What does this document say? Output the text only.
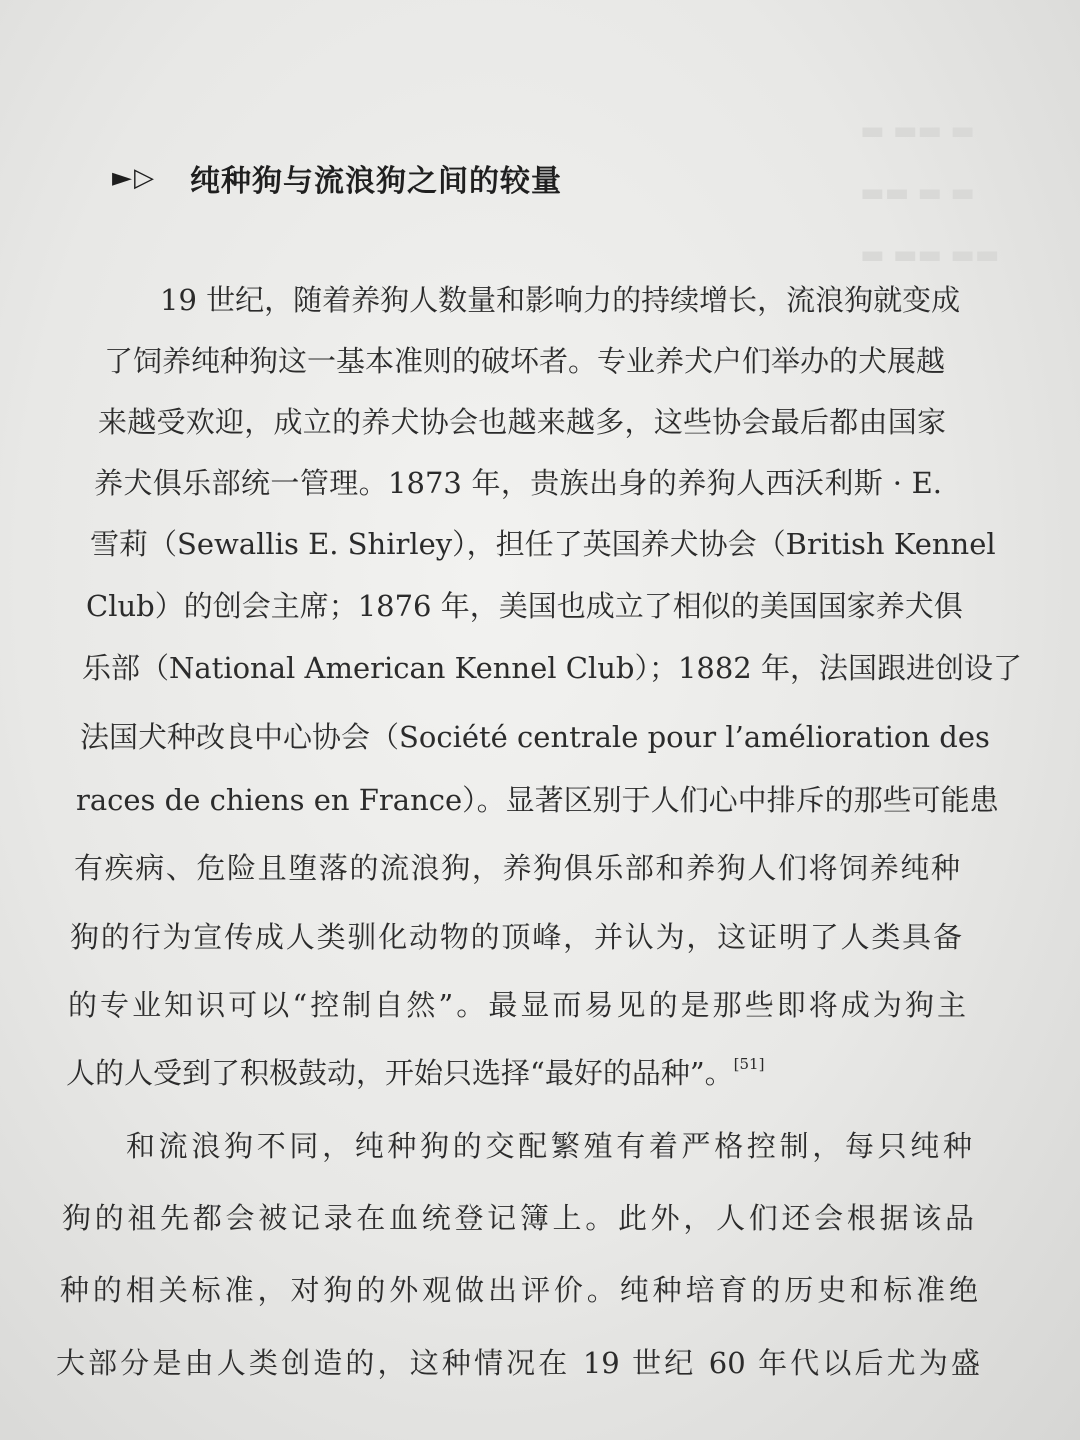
▬ ▬▬ ▬
▬▬ ▬ ▬
▬ ▬▬ ▬▬
► ▷ 纯种狗与流浪狗之间的较量
19 世纪，随着养狗人数量和影响力的持续增长，流浪狗就变成
了饲养纯种狗这一基本准则的破坏者。专业养犬户们举办的犬展越
来越受欢迎，成立的养犬协会也越来越多，这些协会最后都由国家
养犬俱乐部统一管理。1873 年，贵族出身的养狗人西沃利斯 · E.
雪莉（Sewallis E. Shirley），担任了英国养犬协会（British Kennel
Club）的创会主席；1876 年，美国也成立了相似的美国国家养犬俱
乐部（National American Kennel Club）；1882 年，法国跟进创设了
法国犬种改良中心协会（Société centrale pour l’amélioration des
races de chiens en France）。显著区别于人们心中排斥的那些可能患
有疾病、危险且堕落的流浪狗，养狗俱乐部和养狗人们将饲养纯种
狗的行为宣传成人类驯化动物的顶峰，并认为，这证明了人类具备
的专业知识可以“控制自然”。最显而易见的是那些即将成为狗主
人的人受到了积极鼓动，开始只选择“最好的品种”。[51]
和流浪狗不同，纯种狗的交配繁殖有着严格控制，每只纯种
狗的祖先都会被记录在血统登记簿上。此外，人们还会根据该品
种的相关标准，对狗的外观做出评价。纯种培育的历史和标准绝
大部分是由人类创造的，这种情况在 19 世纪 60 年代以后尤为盛
